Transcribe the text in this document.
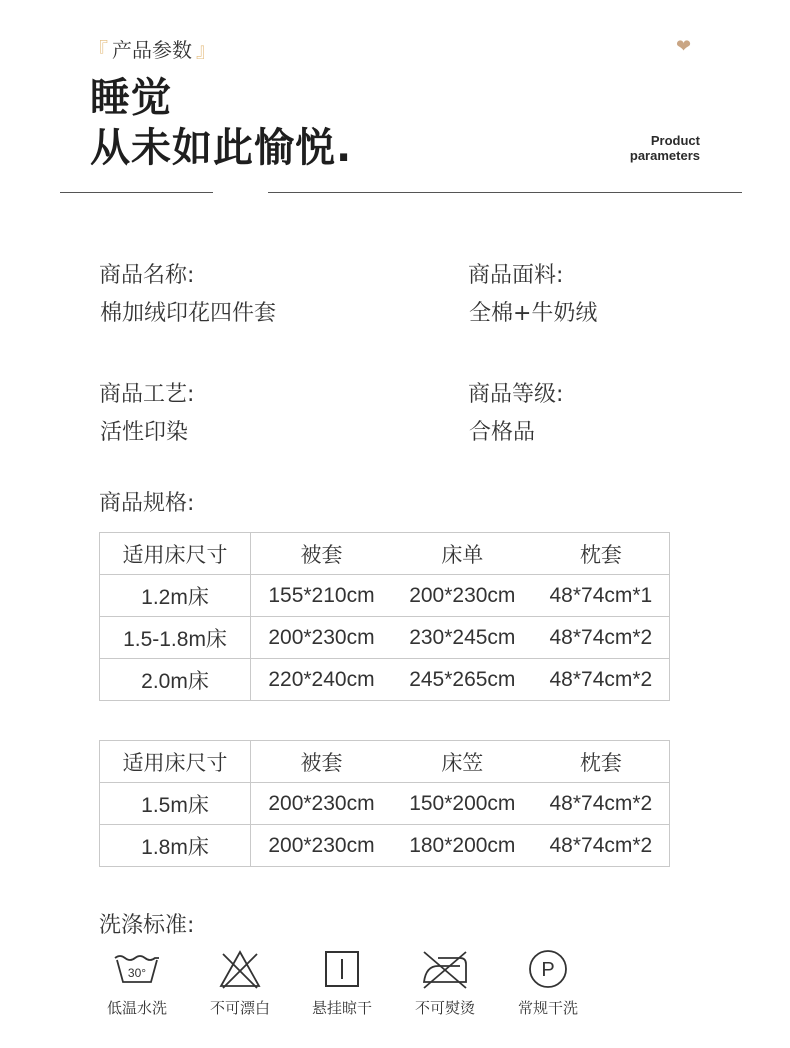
『 产品参数 』	❤
睡觉
从未如此愉悦.	Product
parameters
商品名称:
棉加绒印花四件套
商品面料:
全棉+牛奶绒
商品工艺:
活性印染
商品等级:
合格品
商品规格:
适用床尺寸	被套	床单	枕套
1.2m床	155*210cm	200*230cm	48*74cm*1
1.5-1.8m床	200*230cm	230*245cm	48*74cm*2
2.0m床	220*240cm	245*265cm	48*74cm*2
适用床尺寸	被套	床笠	枕套
1.5m床	200*230cm	150*200cm	48*74cm*2
1.8m床	200*230cm	180*200cm	48*74cm*2
洗涤标准:
30°
低温水洗	不可漂白	悬挂晾干	不可熨烫
P
常规干洗
